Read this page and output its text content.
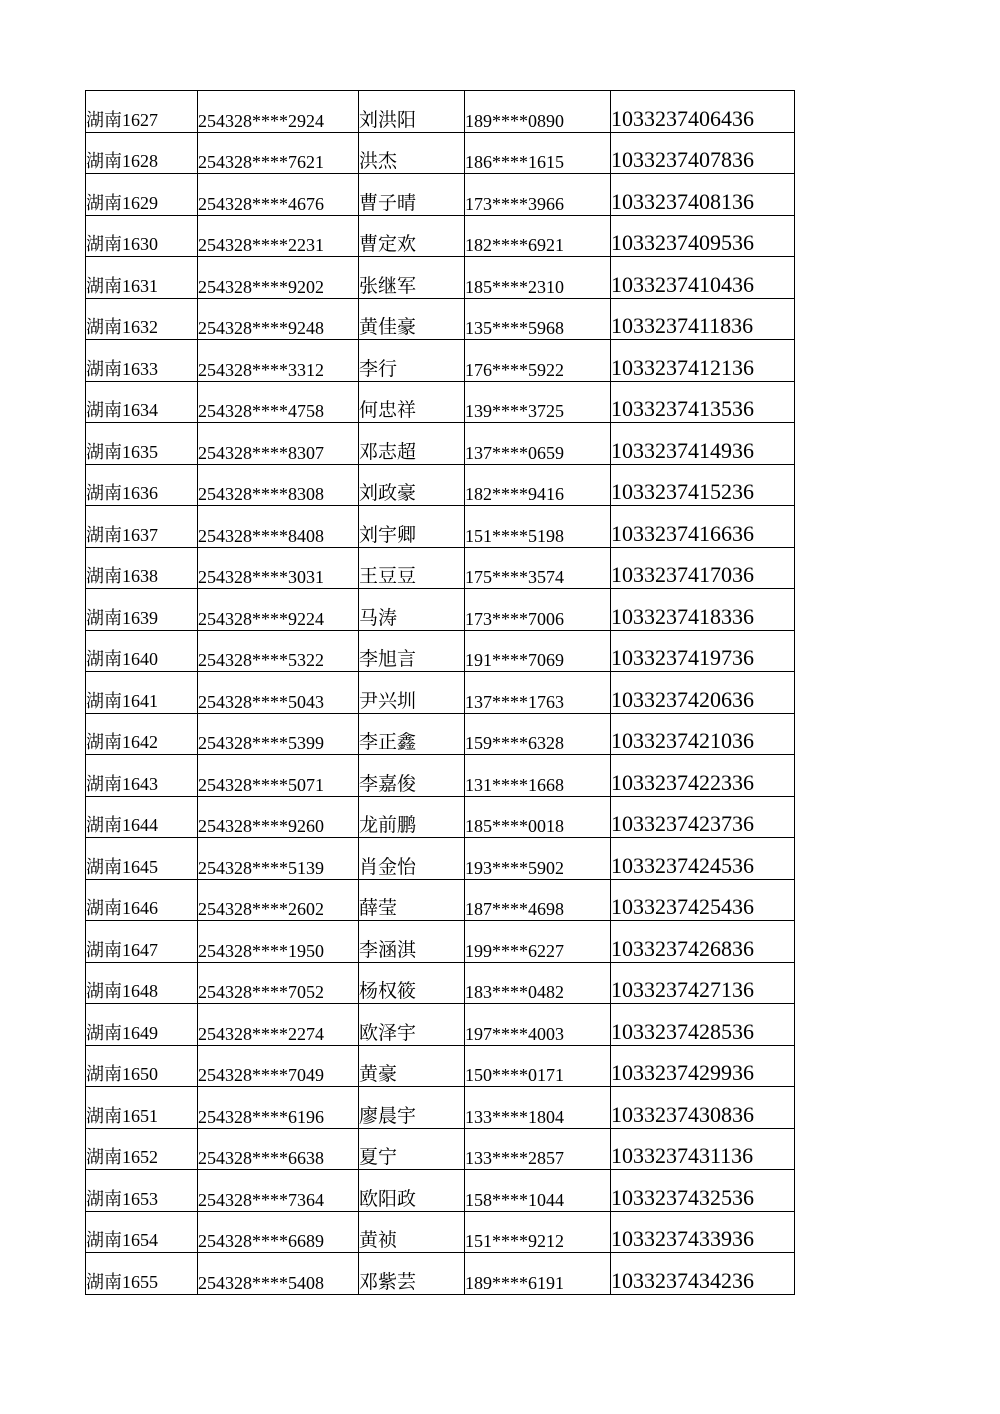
湖南1627	254328****2924	刘洪阳	189****0890	1033237406436
湖南1628	254328****7621	洪杰	186****1615	1033237407836
湖南1629	254328****4676	曹子晴	173****3966	1033237408136
湖南1630	254328****2231	曹定欢	182****6921	1033237409536
湖南1631	254328****9202	张继军	185****2310	1033237410436
湖南1632	254328****9248	黄佳豪	135****5968	1033237411836
湖南1633	254328****3312	李行	176****5922	1033237412136
湖南1634	254328****4758	何忠祥	139****3725	1033237413536
湖南1635	254328****8307	邓志超	137****0659	1033237414936
湖南1636	254328****8308	刘政豪	182****9416	1033237415236
湖南1637	254328****8408	刘宇卿	151****5198	1033237416636
湖南1638	254328****3031	王豆豆	175****3574	1033237417036
湖南1639	254328****9224	马涛	173****7006	1033237418336
湖南1640	254328****5322	李旭言	191****7069	1033237419736
湖南1641	254328****5043	尹兴圳	137****1763	1033237420636
湖南1642	254328****5399	李正鑫	159****6328	1033237421036
湖南1643	254328****5071	李嘉俊	131****1668	1033237422336
湖南1644	254328****9260	龙前鹏	185****0018	1033237423736
湖南1645	254328****5139	肖金怡	193****5902	1033237424536
湖南1646	254328****2602	薛莹	187****4698	1033237425436
湖南1647	254328****1950	李涵淇	199****6227	1033237426836
湖南1648	254328****7052	杨权筱	183****0482	1033237427136
湖南1649	254328****2274	欧泽宇	197****4003	1033237428536
湖南1650	254328****7049	黄豪	150****0171	1033237429936
湖南1651	254328****6196	廖晨宇	133****1804	1033237430836
湖南1652	254328****6638	夏宁	133****2857	1033237431136
湖南1653	254328****7364	欧阳政	158****1044	1033237432536
湖南1654	254328****6689	黄祯	151****9212	1033237433936
湖南1655	254328****5408	邓紫芸	189****6191	1033237434236
